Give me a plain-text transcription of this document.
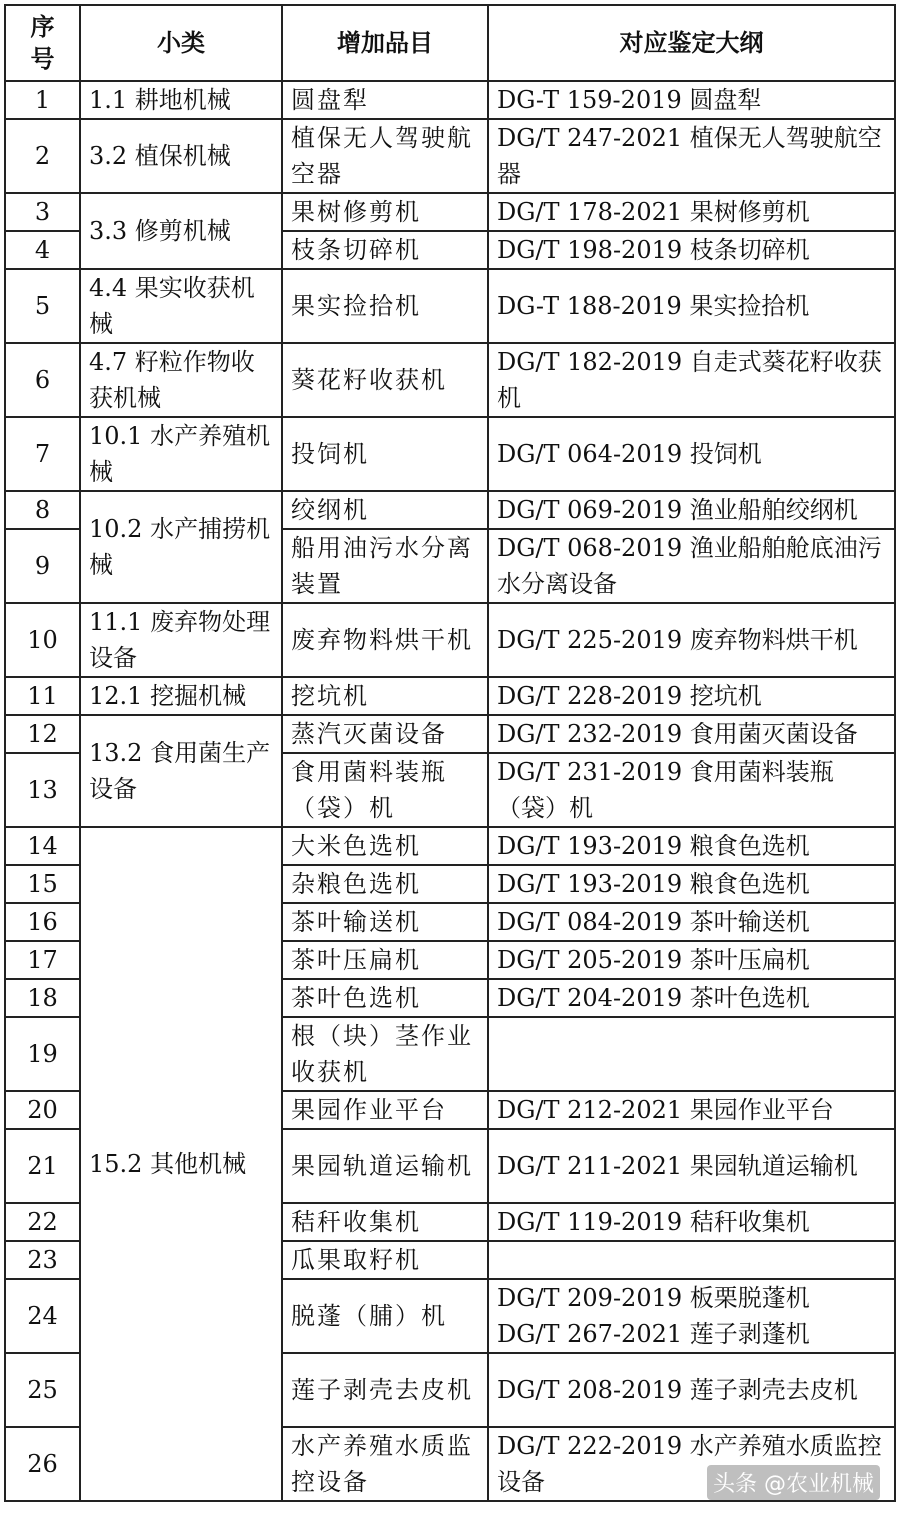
序
号	小类	增加品目	对应鉴定大纲
1	1.1 耕地机械	圆盘犁	DG-T 159-2019 圆盘犁
2	3.2 植保机械	植保无人驾驶航空器	DG/T 247-2021 植保无人驾驶航空器
3	3.3 修剪机械	果树修剪机	DG/T 178-2021 果树修剪机
4		枝条切碎机	DG/T 198-2019 枝条切碎机
5	4.4 果实收获机械	果实捡拾机	DG-T 188-2019 果实捡拾机
6	4.7 籽粒作物收获机械	葵花籽收获机	DG/T 182-2019 自走式葵花籽收获机
7	10.1 水产养殖机械	投饲机	DG/T 064-2019 投饲机
8	10.2 水产捕捞机械	绞纲机	DG/T 069-2019 渔业船舶绞纲机
9		船用油污水分离装置	DG/T 068-2019 渔业船舶舱底油污水分离设备
10	11.1 废弃物处理设备	废弃物料烘干机	DG/T 225-2019 废弃物料烘干机
11	12.1 挖掘机械	挖坑机	DG/T 228-2019 挖坑机
12	13.2 食用菌生产设备	蒸汽灭菌设备	DG/T 232-2019 食用菌灭菌设备
13		食用菌料装瓶（袋）机	DG/T 231-2019 食用菌料装瓶（袋）机
14	15.2 其他机械	大米色选机	DG/T 193-2019 粮食色选机
15		杂粮色选机	DG/T 193-2019 粮食色选机
16		茶叶输送机	DG/T 084-2019 茶叶输送机
17		茶叶压扁机	DG/T 205-2019 茶叶压扁机
18		茶叶色选机	DG/T 204-2019 茶叶色选机
19		根（块）茎作业收获机	
20		果园作业平台	DG/T 212-2021 果园作业平台
21		果园轨道运输机	DG/T 211-2021 果园轨道运输机
22		秸秆收集机	DG/T 119-2019 秸秆收集机
23		瓜果取籽机	
24		脱蓬（脯）机	DG/T 209-2019 板栗脱蓬机
DG/T 267-2021 莲子剥蓬机
25		莲子剥壳去皮机	DG/T 208-2019 莲子剥壳去皮机
26		水产养殖水质监控设备	DG/T 222-2019 水产养殖水质监控设备	头条 @农业机械
